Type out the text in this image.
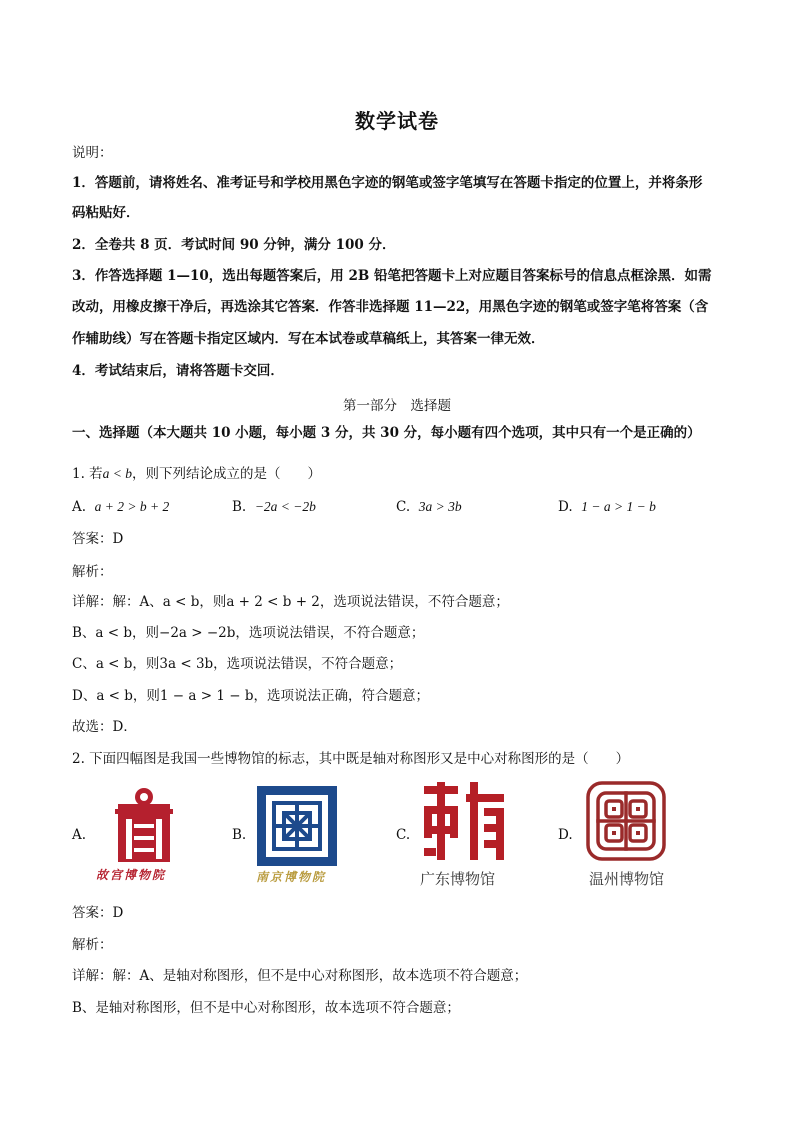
数学试卷
说明：
1．答题前，请将姓名、准考证号和学校用黑色字迹的钢笔或签字笔填写在答题卡指定的位置上，并将条形
码粘贴好．
2．全卷共 8 页．考试时间 90 分钟，满分 100 分．
3．作答选择题 1—10，选出每题答案后，用 2B 铅笔把答题卡上对应题目答案标号的信息点框涂黑．如需
改动，用橡皮擦干净后，再选涂其它答案．作答非选择题 11—22，用黑色字迹的钢笔或签字笔将答案（含
作辅助线）写在答题卡指定区域内．写在本试卷或草稿纸上，其答案一律无效．
4．考试结束后，请将答题卡交回．
第一部分　选择题
一、选择题（本大题共 10 小题，每小题 3 分，共 30 分，每小题有四个选项，其中只有一个是正确的）
1. 若a < b，则下列结论成立的是（　　）
A. a + 2 > b + 2	B. −2a < −2b	C. 3a > 3b	D. 1 − a > 1 − b
答案：D
解析：
详解：解：A、a < b，则a + 2 < b + 2，选项说法错误，不符合题意；
B、a < b，则−2a > −2b，选项说法错误，不符合题意；
C、a < b，则3a < 3b，选项说法错误，不符合题意；
D、a < b，则1 − a > 1 − b，选项说法正确，符合题意；
故选：D．
2. 下面四幅图是我国一些博物馆的标志，其中既是轴对称图形又是中心对称图形的是（　　）
A.
故宫博物院
B.
南京博物院
C.
广东博物馆
D.
温州博物馆
答案：D
解析：
详解：解：A、是轴对称图形，但不是中心对称图形，故本选项不符合题意；
B、是轴对称图形，但不是中心对称图形，故本选项不符合题意；
